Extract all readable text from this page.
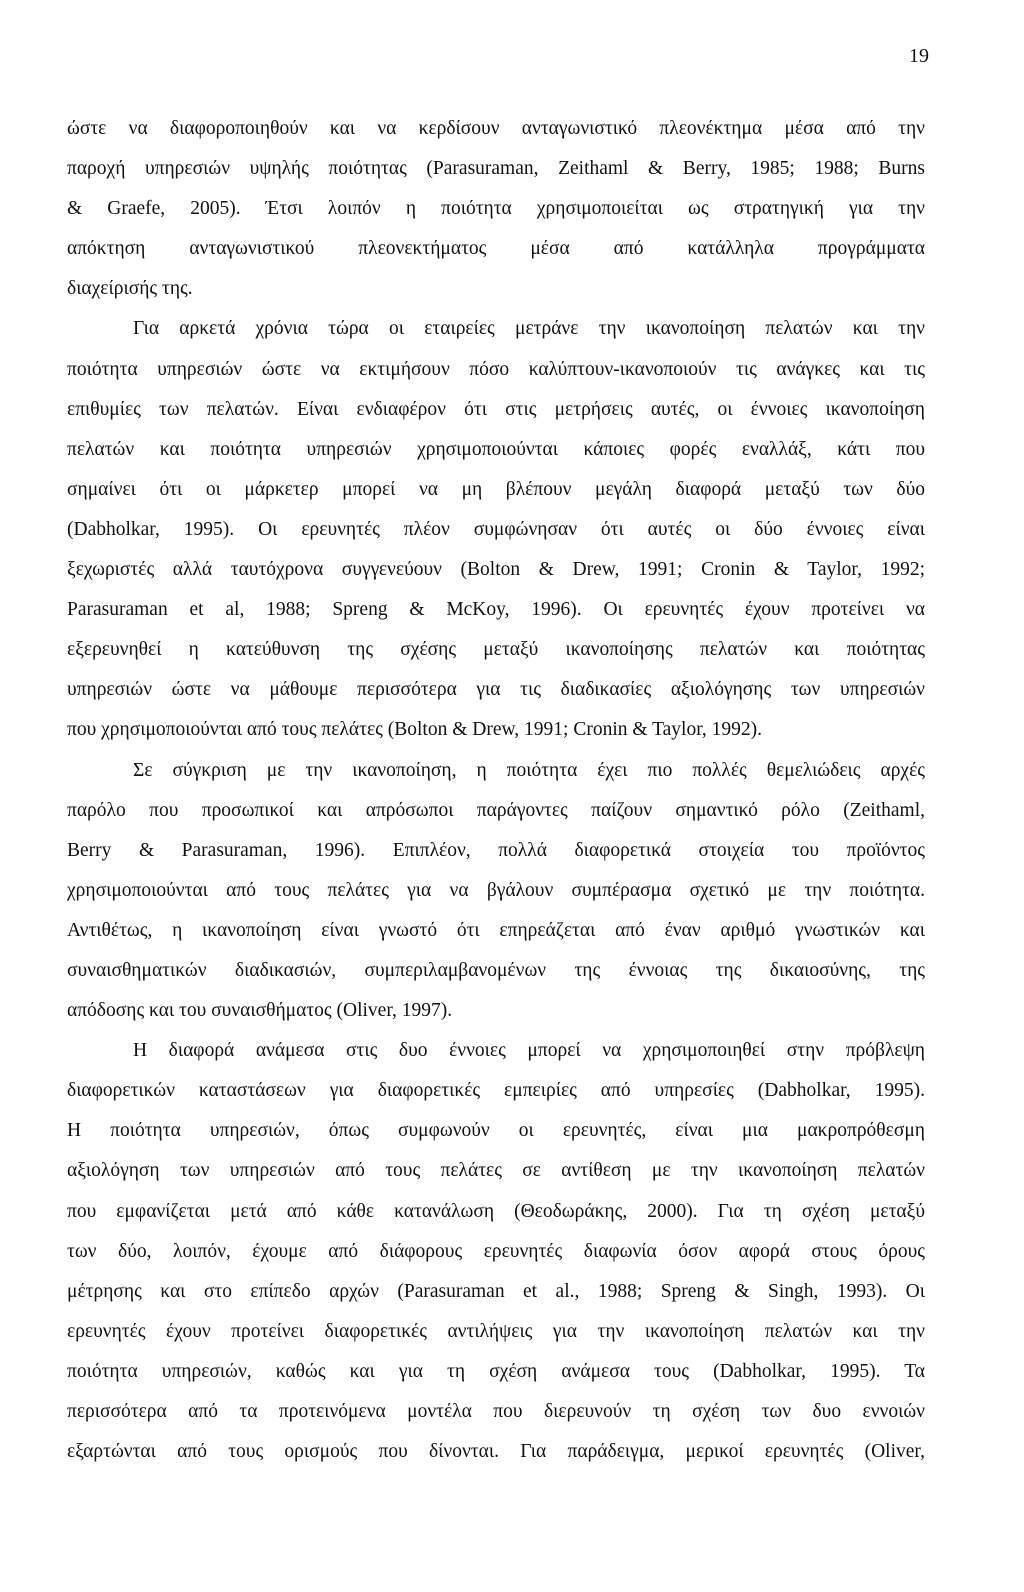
19
ώστε να διαφοροποιηθούν και να κερδίσουν ανταγωνιστικό πλεονέκτημα μέσα από την
παροχή υπηρεσιών υψηλής ποιότητας (Parasuraman, Zeithaml & Berry, 1985; 1988; Burns
& Graefe, 2005). Έτσι λοιπόν η ποιότητα χρησιμοποιείται ως στρατηγική για την
απόκτηση ανταγωνιστικού πλεονεκτήματος μέσα από κατάλληλα προγράμματα
διαχείρισής της.
Για αρκετά χρόνια τώρα οι εταιρείες μετράνε την ικανοποίηση πελατών και την
ποιότητα υπηρεσιών ώστε να εκτιμήσουν πόσο καλύπτουν-ικανοποιούν τις ανάγκες και τις
επιθυμίες των πελατών. Είναι ενδιαφέρον ότι στις μετρήσεις αυτές, οι έννοιες ικανοποίηση
πελατών και ποιότητα υπηρεσιών χρησιμοποιούνται κάποιες φορές εναλλάξ, κάτι που
σημαίνει ότι οι μάρκετερ μπορεί να μη βλέπουν μεγάλη διαφορά μεταξύ των δύο
(Dabholkar, 1995). Οι ερευνητές πλέον συμφώνησαν ότι αυτές οι δύο έννοιες είναι
ξεχωριστές αλλά ταυτόχρονα συγγενεύουν (Bolton & Drew, 1991; Cronin & Taylor, 1992;
Parasuraman et al, 1988; Spreng & McKoy, 1996). Οι ερευνητές έχουν προτείνει να
εξερευνηθεί η κατεύθυνση της σχέσης μεταξύ ικανοποίησης πελατών και ποιότητας
υπηρεσιών ώστε να μάθουμε περισσότερα για τις διαδικασίες αξιολόγησης των υπηρεσιών
που χρησιμοποιούνται από τους πελάτες (Bolton & Drew, 1991; Cronin & Taylor, 1992).
Σε σύγκριση με την ικανοποίηση, η ποιότητα έχει πιο πολλές θεμελιώδεις αρχές
παρόλο που προσωπικοί και απρόσωποι παράγοντες παίζουν σημαντικό ρόλο (Zeithaml,
Berry & Parasuraman, 1996). Επιπλέον, πολλά διαφορετικά στοιχεία του προϊόντος
χρησιμοποιούνται από τους πελάτες για να βγάλουν συμπέρασμα σχετικό με την ποιότητα.
Αντιθέτως, η ικανοποίηση είναι γνωστό ότι επηρεάζεται από έναν αριθμό γνωστικών και
συναισθηματικών διαδικασιών, συμπεριλαμβανομένων της έννοιας της δικαιοσύνης, της
απόδοσης και του συναισθήματος (Oliver, 1997).
Η διαφορά ανάμεσα στις δυο έννοιες μπορεί να χρησιμοποιηθεί στην πρόβλεψη
διαφορετικών καταστάσεων για διαφορετικές εμπειρίες από υπηρεσίες (Dabholkar, 1995).
Η ποιότητα υπηρεσιών, όπως συμφωνούν οι ερευνητές, είναι μια μακροπρόθεσμη
αξιολόγηση των υπηρεσιών από τους πελάτες σε αντίθεση με την ικανοποίηση πελατών
που εμφανίζεται μετά από κάθε κατανάλωση (Θεοδωράκης, 2000). Για τη σχέση μεταξύ
των δύο, λοιπόν, έχουμε από διάφορους ερευνητές διαφωνία όσον αφορά στους όρους
μέτρησης και στο επίπεδο αρχών (Parasuraman et al., 1988; Spreng & Singh, 1993). Οι
ερευνητές έχουν προτείνει διαφορετικές αντιλήψεις για την ικανοποίηση πελατών και την
ποιότητα υπηρεσιών, καθώς και για τη σχέση ανάμεσα τους (Dabholkar, 1995). Τα
περισσότερα από τα προτεινόμενα μοντέλα που διερευνούν τη σχέση των δυο εννοιών
εξαρτώνται από τους ορισμούς που δίνονται. Για παράδειγμα, μερικοί ερευνητές (Oliver,
